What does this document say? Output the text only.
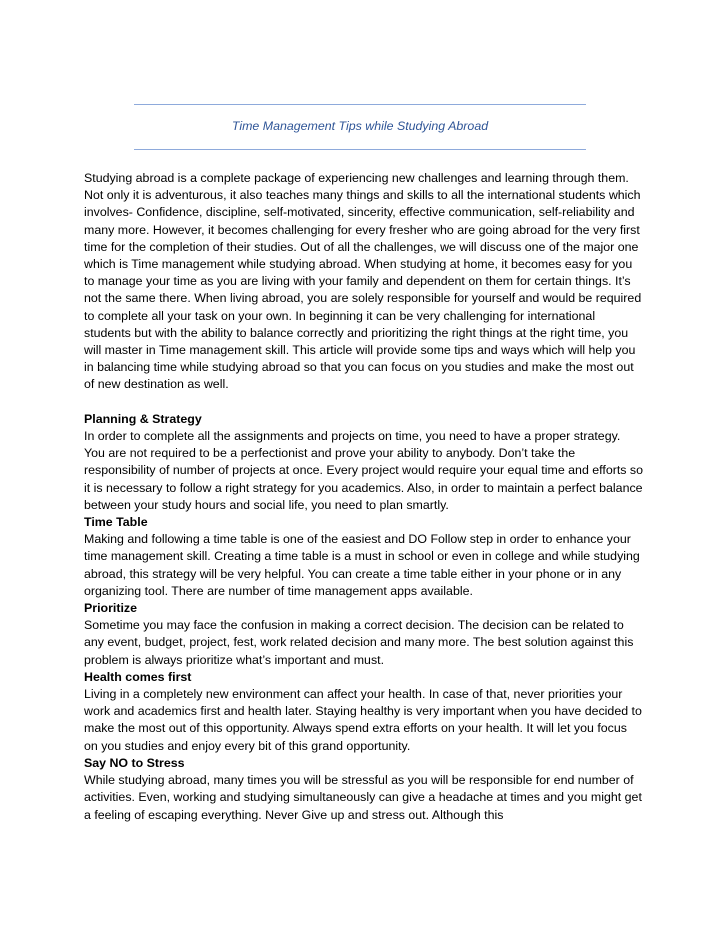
Time Management Tips while Studying Abroad

Studying abroad is a complete package of experiencing new challenges and learning through them. Not only it is adventurous, it also teaches many things and skills to all the international students which involves- Confidence, discipline, self-motivated, sincerity, effective communication, self-reliability and many more. However, it becomes challenging for every fresher who are going abroad for the very first time for the completion of their studies. Out of all the challenges, we will discuss one of the major one which is Time management while studying abroad. When studying at home, it becomes easy for you to manage your time as you are living with your family and dependent on them for certain things. It’s not the same there. When living abroad, you are solely responsible for yourself and would be required to complete all your task on your own. In beginning it can be very challenging for international students but with the ability to balance correctly and prioritizing the right things at the right time, you will master in Time management skill. This article will provide some tips and ways which will help you in balancing time while studying abroad so that you can focus on you studies and make the most out of new destination as well.

Planning & Strategy

In order to complete all the assignments and projects on time, you need to have a proper strategy. You are not required to be a perfectionist and prove your ability to anybody. Don’t take the responsibility of number of projects at once. Every project would require your equal time and efforts so it is necessary to follow a right strategy for you academics. Also, in order to maintain a perfect balance between your study hours and social life, you need to plan smartly.

Time Table

Making and following a time table is one of the easiest and DO Follow step in order to enhance your time management skill. Creating a time table is a must in school or even in college and while studying abroad, this strategy will be very helpful. You can create a time table either in your phone or in any organizing tool. There are number of time management apps available.

Prioritize

Sometime you may face the confusion in making a correct decision. The decision can be related to any event, budget, project, fest, work related decision and many more. The best solution against this problem is always prioritize what’s important and must.

Health comes first

Living in a completely new environment can affect your health. In case of that, never priorities your work and academics first and health later. Staying healthy is very important when you have decided to make the most out of this opportunity. Always spend extra efforts on your health. It will let you focus on you studies and enjoy every bit of this grand opportunity.

Say NO to Stress

While studying abroad, many times you will be stressful as you will be responsible for end number of activities. Even, working and studying simultaneously can give a headache at times and you might get a feeling of escaping everything. Never Give up and stress out. Although this
